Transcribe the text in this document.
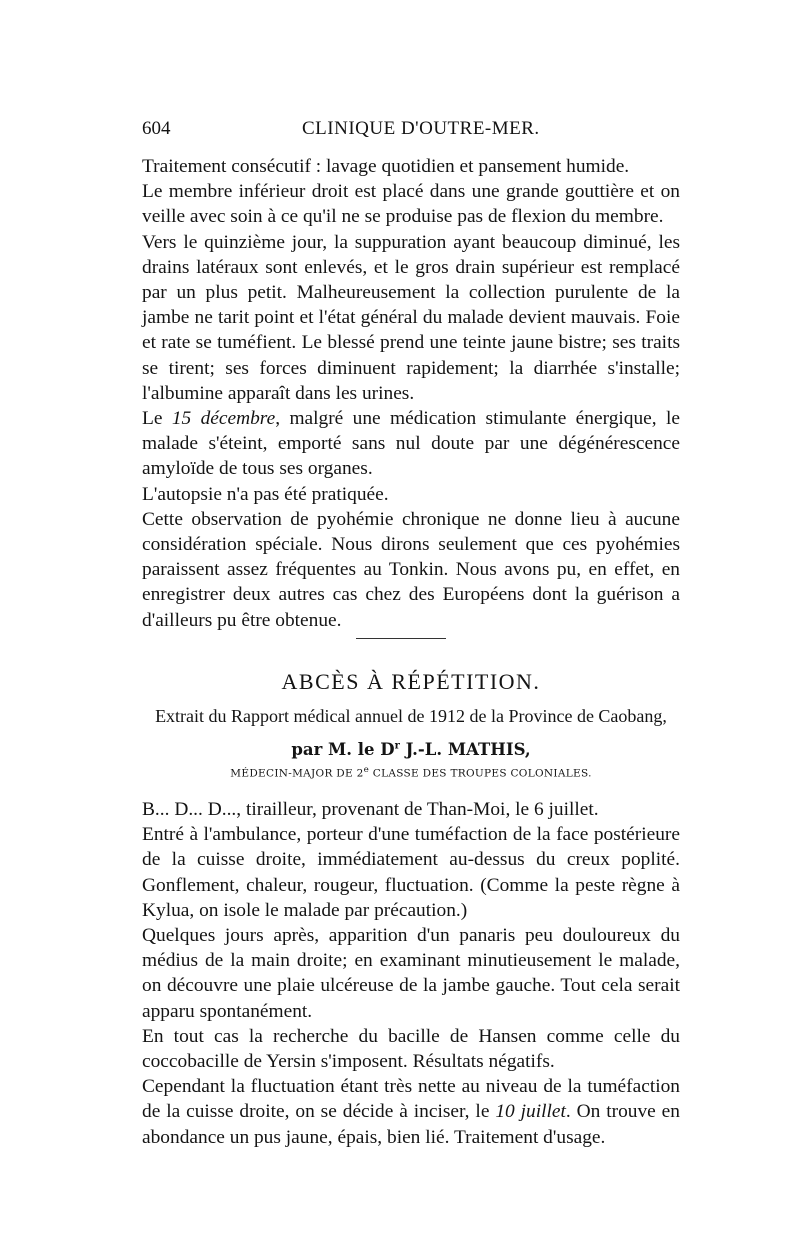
604	CLINIQUE D'OUTRE-MER.

Traitement consécutif : lavage quotidien et pansement humide.

Le membre inférieur droit est placé dans une grande gouttière et on veille avec soin à ce qu'il ne se produise pas de flexion du membre.

Vers le quinzième jour, la suppuration ayant beaucoup diminué, les drains latéraux sont enlevés, et le gros drain supérieur est remplacé par un plus petit. Malheureusement la collection purulente de la jambe ne tarit point et l'état général du malade devient mauvais. Foie et rate se tuméfient. Le blessé prend une teinte jaune bistre; ses traits se tirent; ses forces diminuent rapidement; la diarrhée s'installe; l'albumine apparaît dans les urines.

Le 15 décembre, malgré une médication stimulante énergique, le malade s'éteint, emporté sans nul doute par une dégénérescence amyloïde de tous ses organes.

L'autopsie n'a pas été pratiquée.

Cette observation de pyohémie chronique ne donne lieu à aucune considération spéciale. Nous dirons seulement que ces pyohémies paraissent assez fréquentes au Tonkin. Nous avons pu, en effet, en enregistrer deux autres cas chez des Européens dont la guérison a d'ailleurs pu être obtenue.

ABCÈS À RÉPÉTITION.
Extrait du Rapport médical annuel de 1912 de la Province de Caobang,
par M. le $D^r$ J.-L. MATHIS,
MÉDECIN-MAJOR DE 2e CLASSE DES TROUPES COLONIALES.

B... D... D..., tirailleur, provenant de Than-Moi, le 6 juillet.

Entré à l'ambulance, porteur d'une tuméfaction de la face postérieure de la cuisse droite, immédiatement au-dessus du creux poplité. Gonflement, chaleur, rougeur, fluctuation. (Comme la peste règne à Kylua, on isole le malade par précaution.)

Quelques jours après, apparition d'un panaris peu douloureux du médius de la main droite; en examinant minutieusement le malade, on découvre une plaie ulcéreuse de la jambe gauche. Tout cela serait apparu spontanément.

En tout cas la recherche du bacille de Hansen comme celle du coccobacille de Yersin s'imposent. Résultats négatifs.

Cependant la fluctuation étant très nette au niveau de la tuméfaction de la cuisse droite, on se décide à inciser, le 10 juillet. On trouve en abondance un pus jaune, épais, bien lié. Traitement d'usage.
